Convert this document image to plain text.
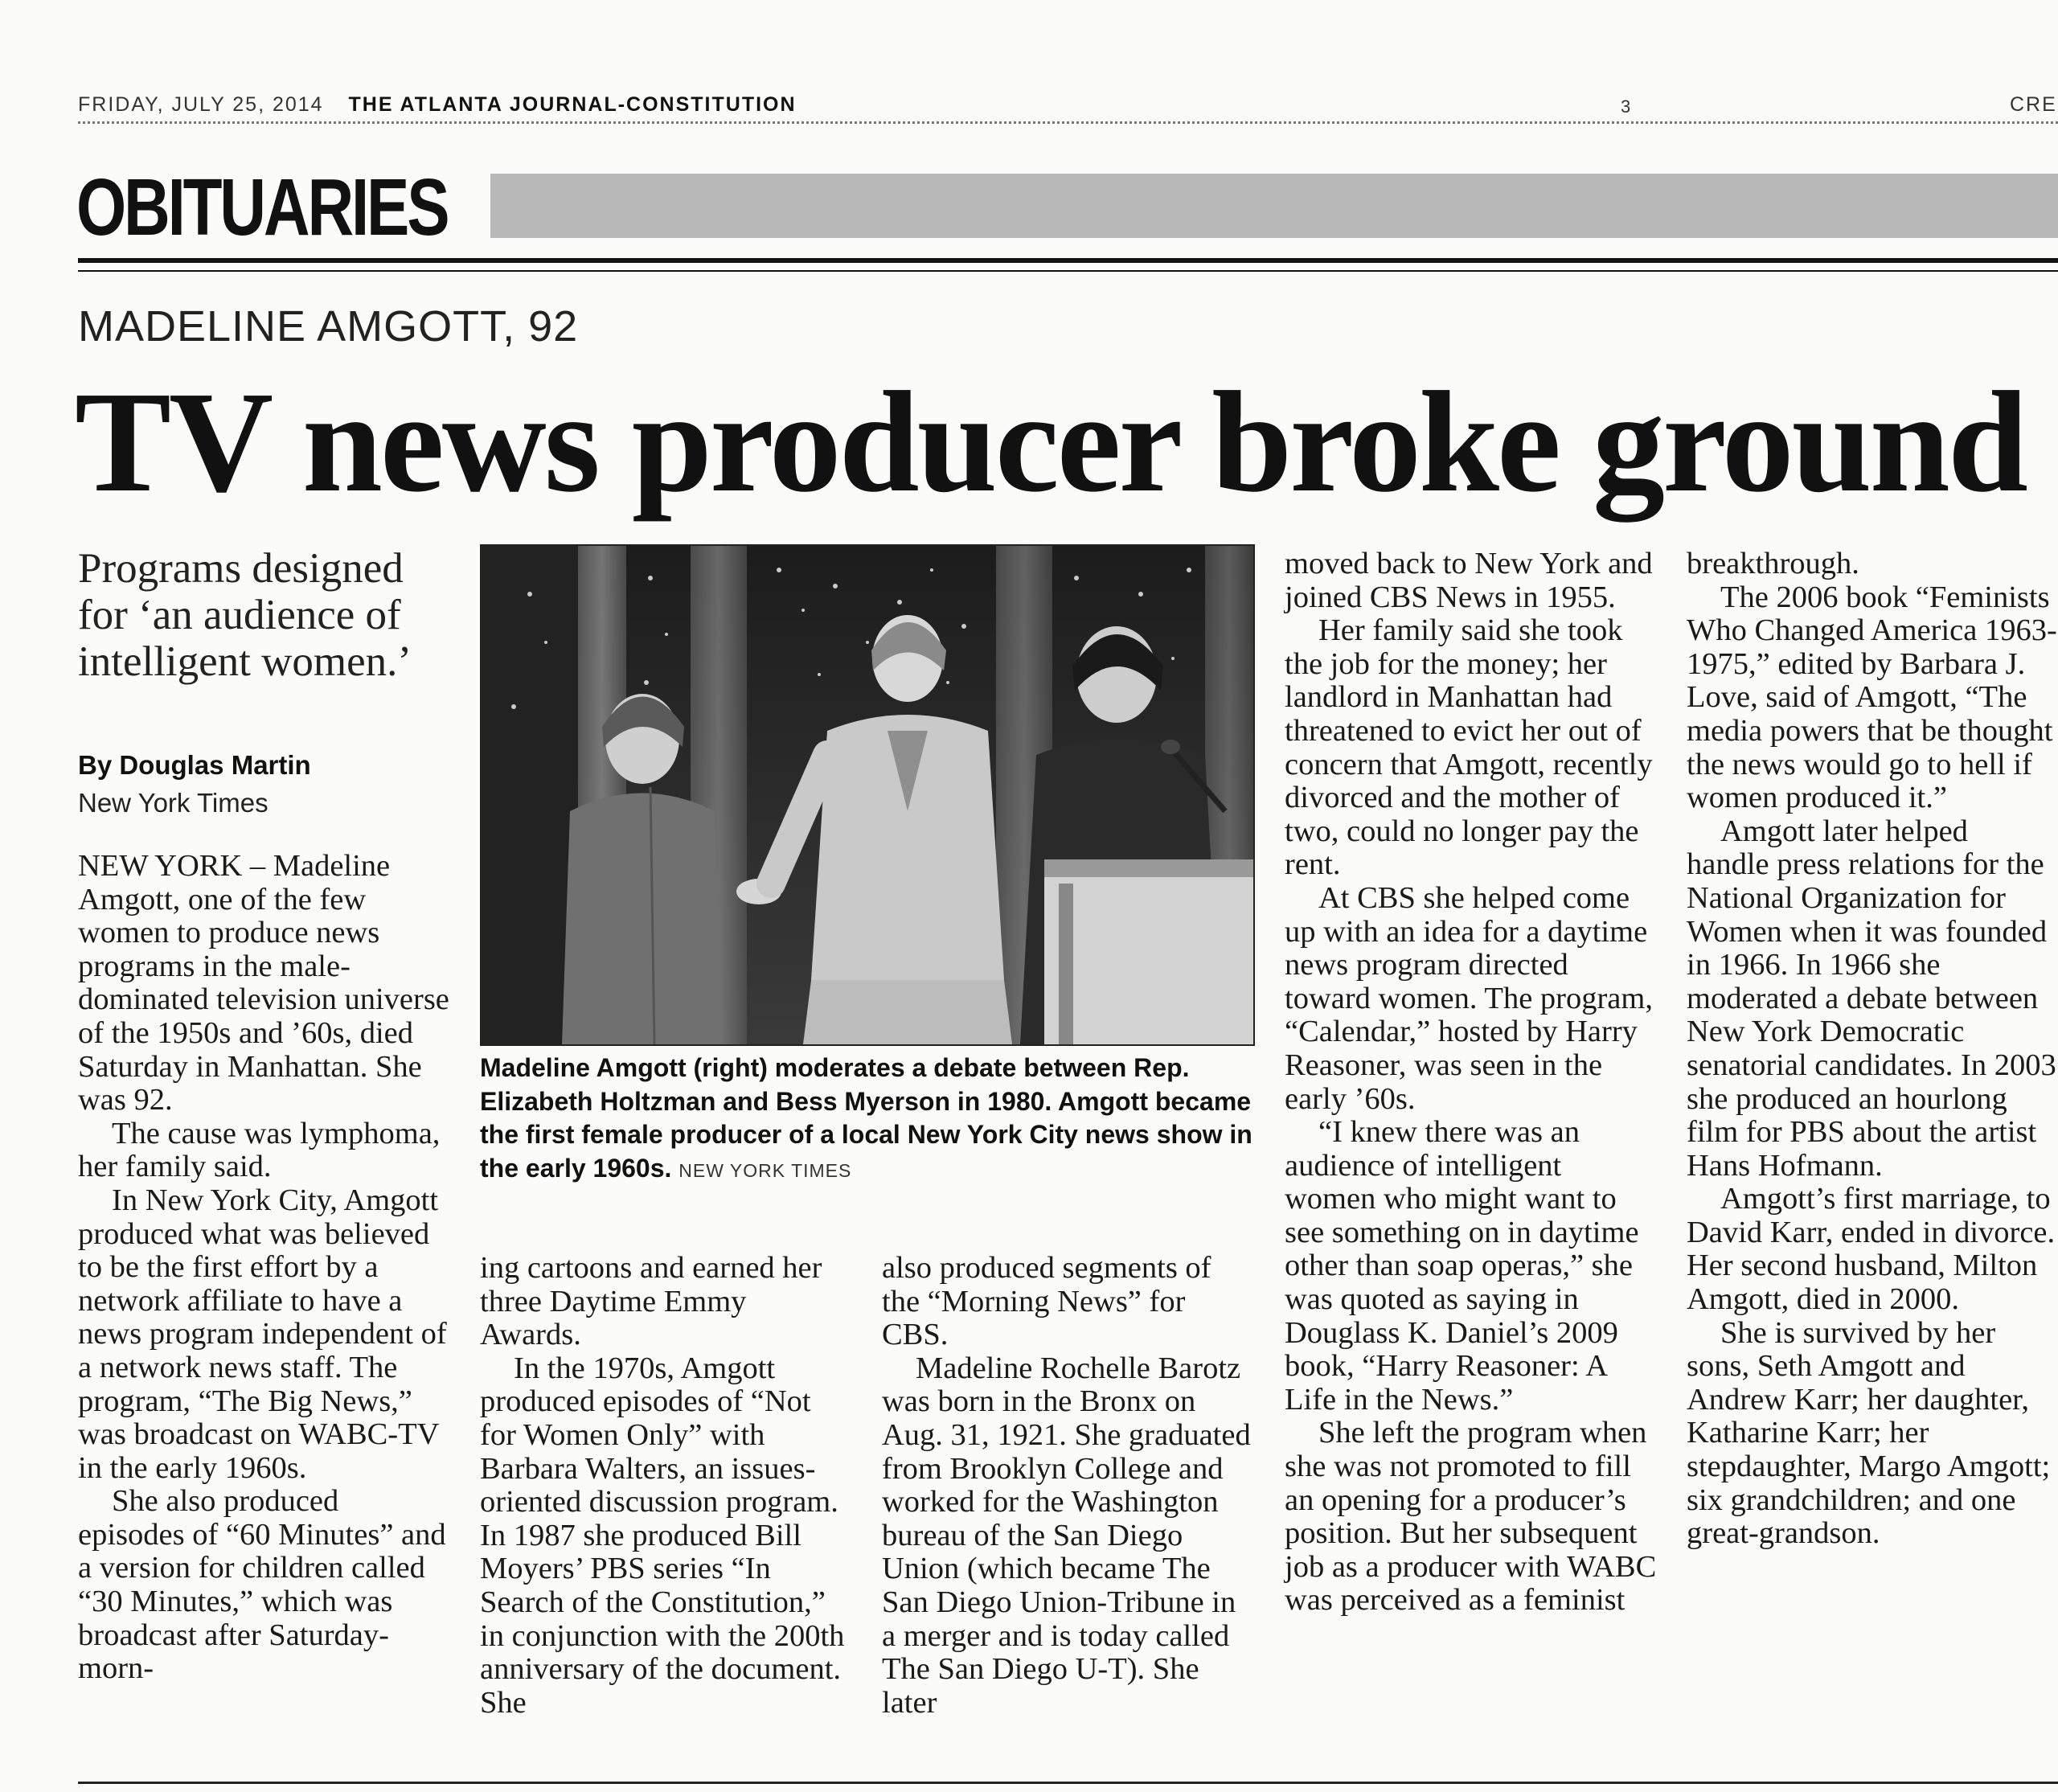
FRIDAY, JULY 25, 2014 THE ATLANTA JOURNAL-CONSTITUTION	3	CRE
OBITUARIES
MADELINE AMGOTT, 92
TV news producer broke ground
Programs designed for ‘an audience of intelligent women.’
By Douglas Martin
New York Times
Madeline Amgott (right) moderates a debate between Rep. Elizabeth Holtzman and Bess Myerson in 1980. Amgott became the first female producer of a local New York City news show in the early 1960s. NEW YORK TIMES

NEW YORK – Madeline Amgott, one of the few women to produce news programs in the male-dominated television universe of the 1950s and ’60s, died Saturday in Manhattan. She was 92.

The cause was lymphoma, her family said.

In New York City, Amgott produced what was believed to be the first effort by a network affiliate to have a news program independent of a network news staff. The program, “The Big News,” was broadcast on WABC-TV in the early 1960s.

She also produced episodes of “60 Minutes” and a version for children called “30 Minutes,” which was broadcast after Saturday-morn-

ing cartoons and earned her three Daytime Emmy Awards.

In the 1970s, Amgott produced episodes of “Not for Women Only” with Barbara Walters, an issues-oriented discussion program. In 1987 she produced Bill Moyers’ PBS series “In Search of the Constitution,” in conjunction with the 200th anniversary of the document. She

also produced segments of the “Morning News” for CBS.

Madeline Rochelle Barotz was born in the Bronx on Aug. 31, 1921. She graduated from Brooklyn College and worked for the Washington bureau of the San Diego Union (which became The San Diego Union-Tribune in a merger and is today called The San Diego U-T). She later

moved back to New York and joined CBS News in 1955.

Her family said she took the job for the money; her landlord in Manhattan had threatened to evict her out of concern that Amgott, recently divorced and the mother of two, could no longer pay the rent.

At CBS she helped come up with an idea for a daytime news program directed toward women. The program, “Calendar,” hosted by Harry Reasoner, was seen in the early ’60s.

“I knew there was an audience of intelligent women who might want to see something on in daytime other than soap operas,” she was quoted as saying in Douglass K. Daniel’s 2009 book, “Harry Reasoner: A Life in the News.”

She left the program when she was not promoted to fill an opening for a producer’s position. But her subsequent job as a producer with WABC was perceived as a feminist

breakthrough.

The 2006 book “Feminists Who Changed America 1963-1975,” edited by Barbara J. Love, said of Amgott, “The media powers that be thought the news would go to hell if women produced it.”

Amgott later helped handle press relations for the National Organization for Women when it was founded in 1966. In 1966 she moderated a debate between New York Democratic senatorial candidates. In 2003 she produced an hourlong film for PBS about the artist Hans Hofmann.

Amgott’s first marriage, to David Karr, ended in divorce. Her second husband, Milton Amgott, died in 2000.

She is survived by her sons, Seth Amgott and Andrew Karr; her daughter, Katharine Karr; her stepdaughter, Margo Amgott; six grandchildren; and one great-grandson.
